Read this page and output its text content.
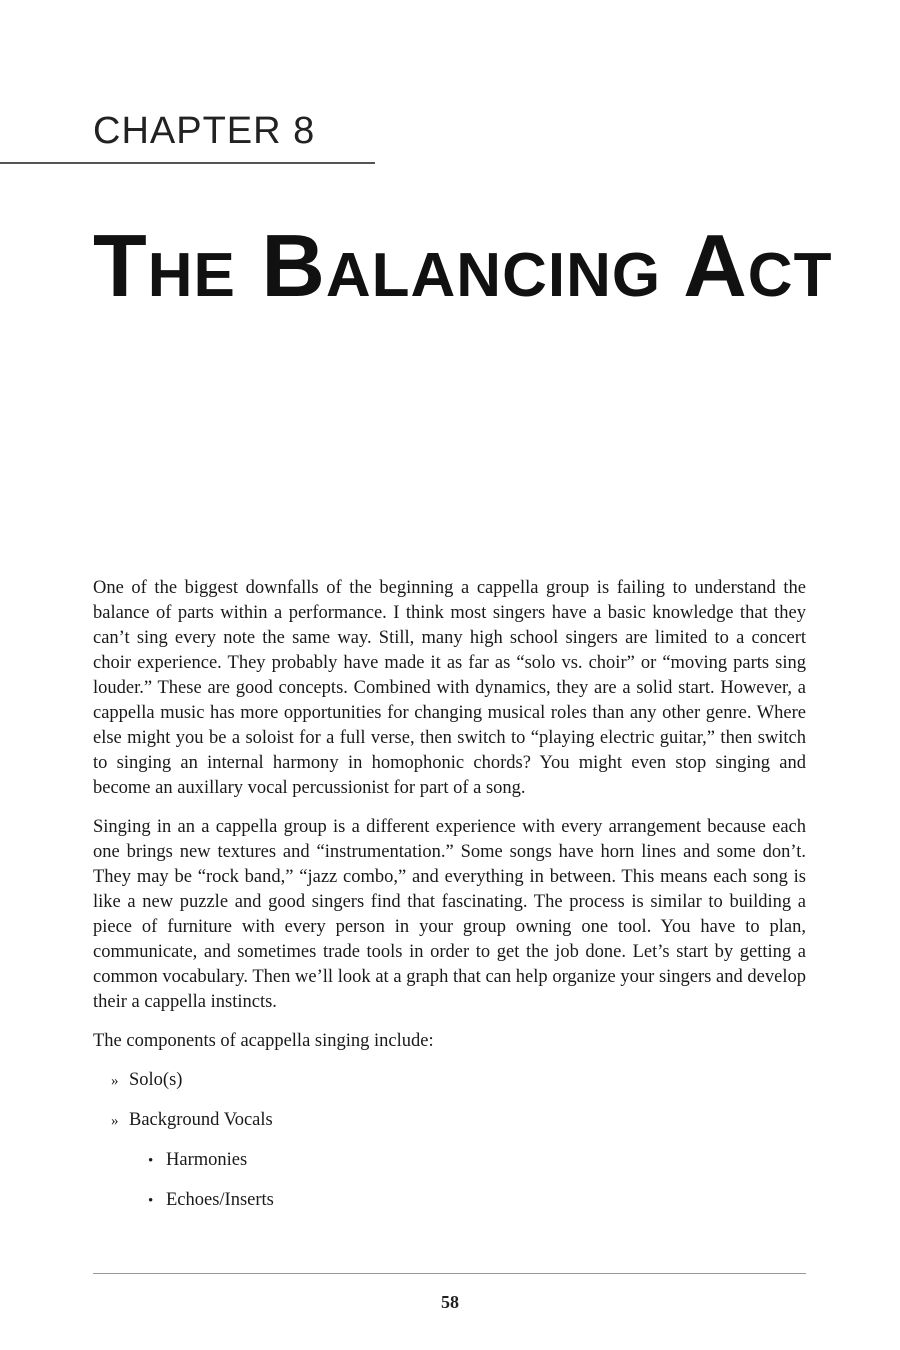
CHAPTER 8
The Balancing Act

One of the biggest downfalls of the beginning a cappella group is failing to understand the balance of parts within a performance. I think most singers have a basic knowledge that they can’t sing every note the same way. Still, many high school singers are limited to a concert choir experience. They probably have made it as far as “solo vs. choir” or “moving parts sing louder.” These are good concepts. Combined with dynamics, they are a solid start. However, a cappella music has more opportunities for changing musical roles than any other genre. Where else might you be a soloist for a full verse, then switch to “playing electric guitar,” then switch to singing an internal harmony in homophonic chords? You might even stop singing and become an auxillary vocal percussionist for part of a song.

Singing in an a cappella group is a different experience with every arrangement because each one brings new textures and “instrumentation.” Some songs have horn lines and some don’t. They may be “rock band,” “jazz combo,” and everything in between. This means each song is like a new puzzle and good singers find that fascinating. The process is similar to building a piece of furniture with every person in your group owning one tool. You have to plan, communicate, and sometimes trade tools in order to get the job done. Let’s start by getting a common vocabulary. Then we’ll look at a graph that can help organize your singers and develop their a cappella instincts.

The components of acappella singing include:

» Solo(s)
» Background Vocals
• Harmonies
• Echoes/Inserts
58
